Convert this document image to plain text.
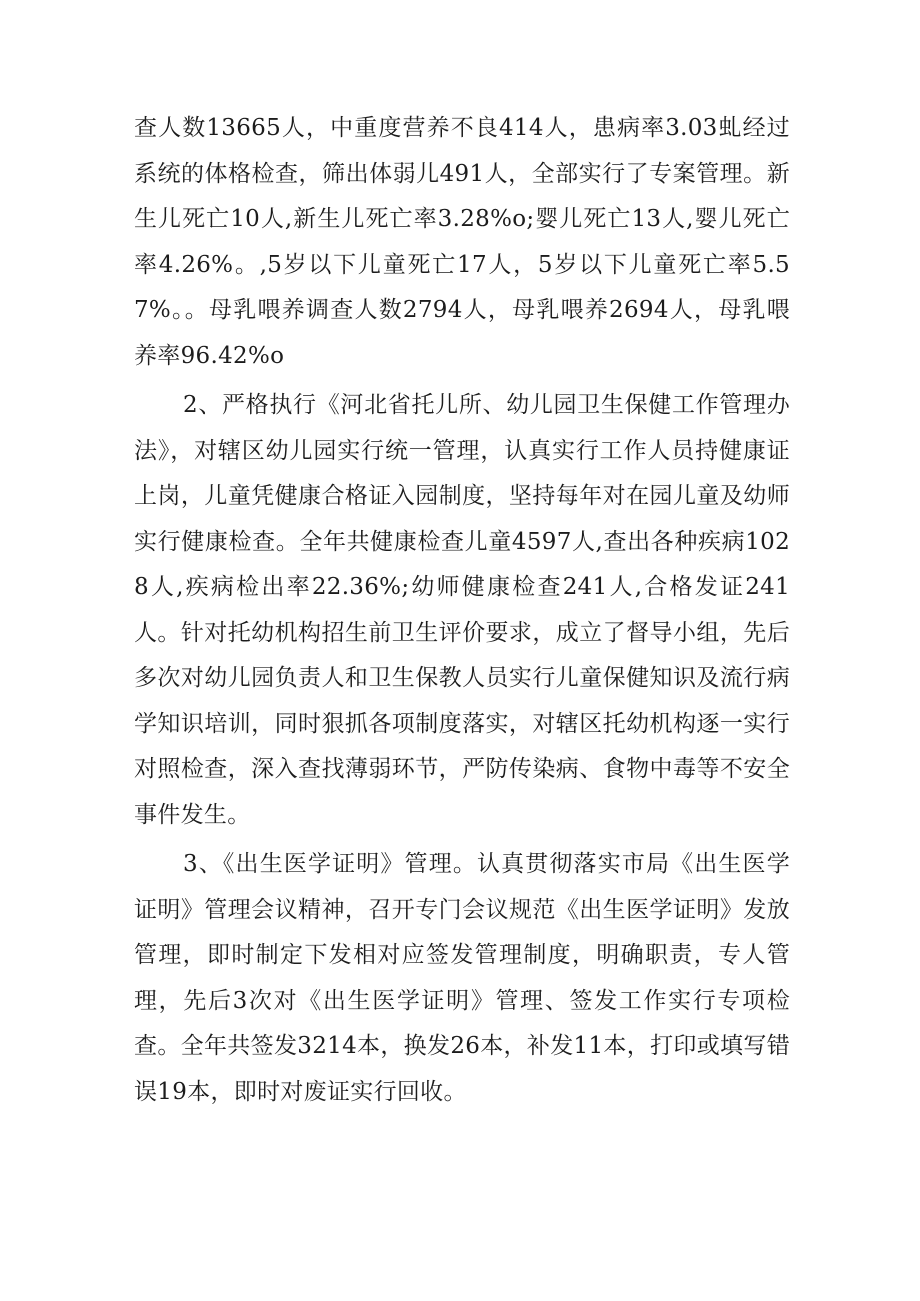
查人数13665人，中重度营养不良414人，患病率3.03虬经过系统的体格检查，筛出体弱儿491人，全部实行了专案管理。新生儿死亡10人,新生儿死亡率3.28%o;婴儿死亡13人,婴儿死亡率4.26%。,5岁以下儿童死亡17人，5岁以下儿童死亡率5.57%。。母乳喂养调查人数2794人，母乳喂养2694人，母乳喂养率96.42%o

2、严格执行《河北省托儿所、幼儿园卫生保健工作管理办法》，对辖区幼儿园实行统一管理，认真实行工作人员持健康证上岗，儿童凭健康合格证入园制度，坚持每年对在园儿童及幼师实行健康检查。全年共健康检查儿童4597人,查出各种疾病1028人,疾病检出率22.36%;幼师健康检查241人,合格发证241人。针对托幼机构招生前卫生评价要求，成立了督导小组，先后多次对幼儿园负责人和卫生保教人员实行儿童保健知识及流行病学知识培训，同时狠抓各项制度落实，对辖区托幼机构逐一实行对照检查，深入查找薄弱环节，严防传染病、食物中毒等不安全事件发生。

3、《出生医学证明》管理。认真贯彻落实市局《出生医学证明》管理会议精神，召开专门会议规范《出生医学证明》发放管理，即时制定下发相对应签发管理制度，明确职责，专人管理，先后3次对《出生医学证明》管理、签发工作实行专项检查。全年共签发3214本，换发26本，补发11本，打印或填写错误19本，即时对废证实行回收。
